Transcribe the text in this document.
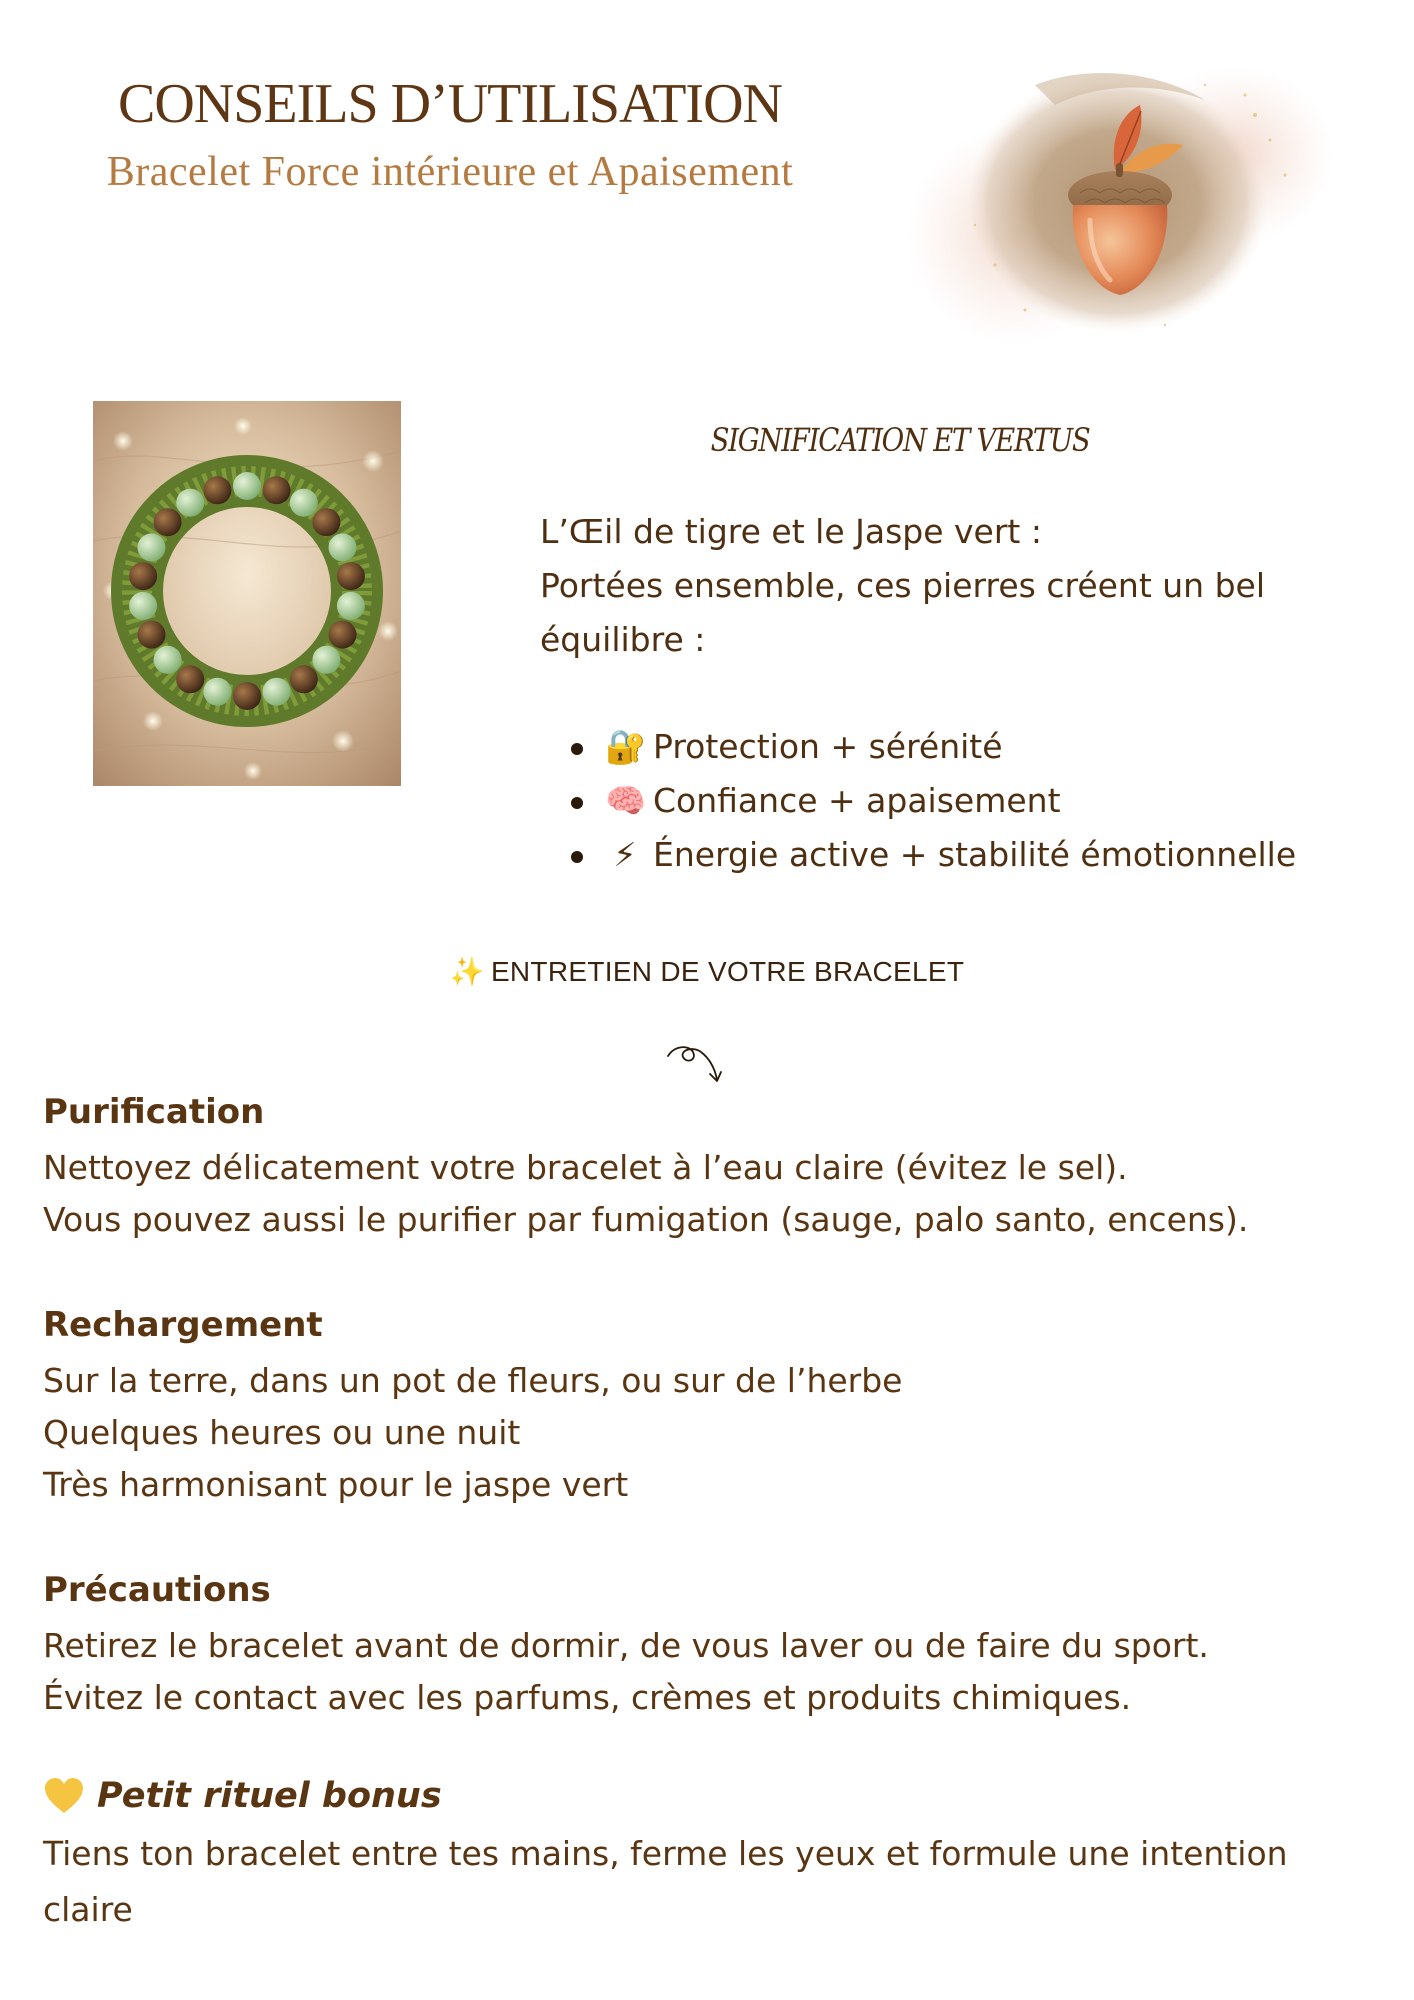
CONSEILS D’UTILISATION
Bracelet Force intérieure et Apaisement
SIGNIFICATION ET VERTUS
L’Œil de tigre et le Jaspe vert :
Portées ensemble, ces pierres créent un bel
équilibre :
🔐 Protection + sérénité
🧠 Confiance + apaisement
⚡ Énergie active + stabilité émotionnelle
✨ ENTRETIEN DE VOTRE BRACELET
Purification
Nettoyez délicatement votre bracelet à l’eau claire (évitez le sel).
Vous pouvez aussi le purifier par fumigation (sauge, palo santo, encens).
Rechargement
Sur la terre, dans un pot de fleurs, ou sur de l’herbe
Quelques heures ou une nuit
Très harmonisant pour le jaspe vert
Précautions
Retirez le bracelet avant de dormir, de vous laver ou de faire du sport.
Évitez le contact avec les parfums, crèmes et produits chimiques.
Petit rituel bonus
Tiens ton bracelet entre tes mains, ferme les yeux et formule une intention
claire
